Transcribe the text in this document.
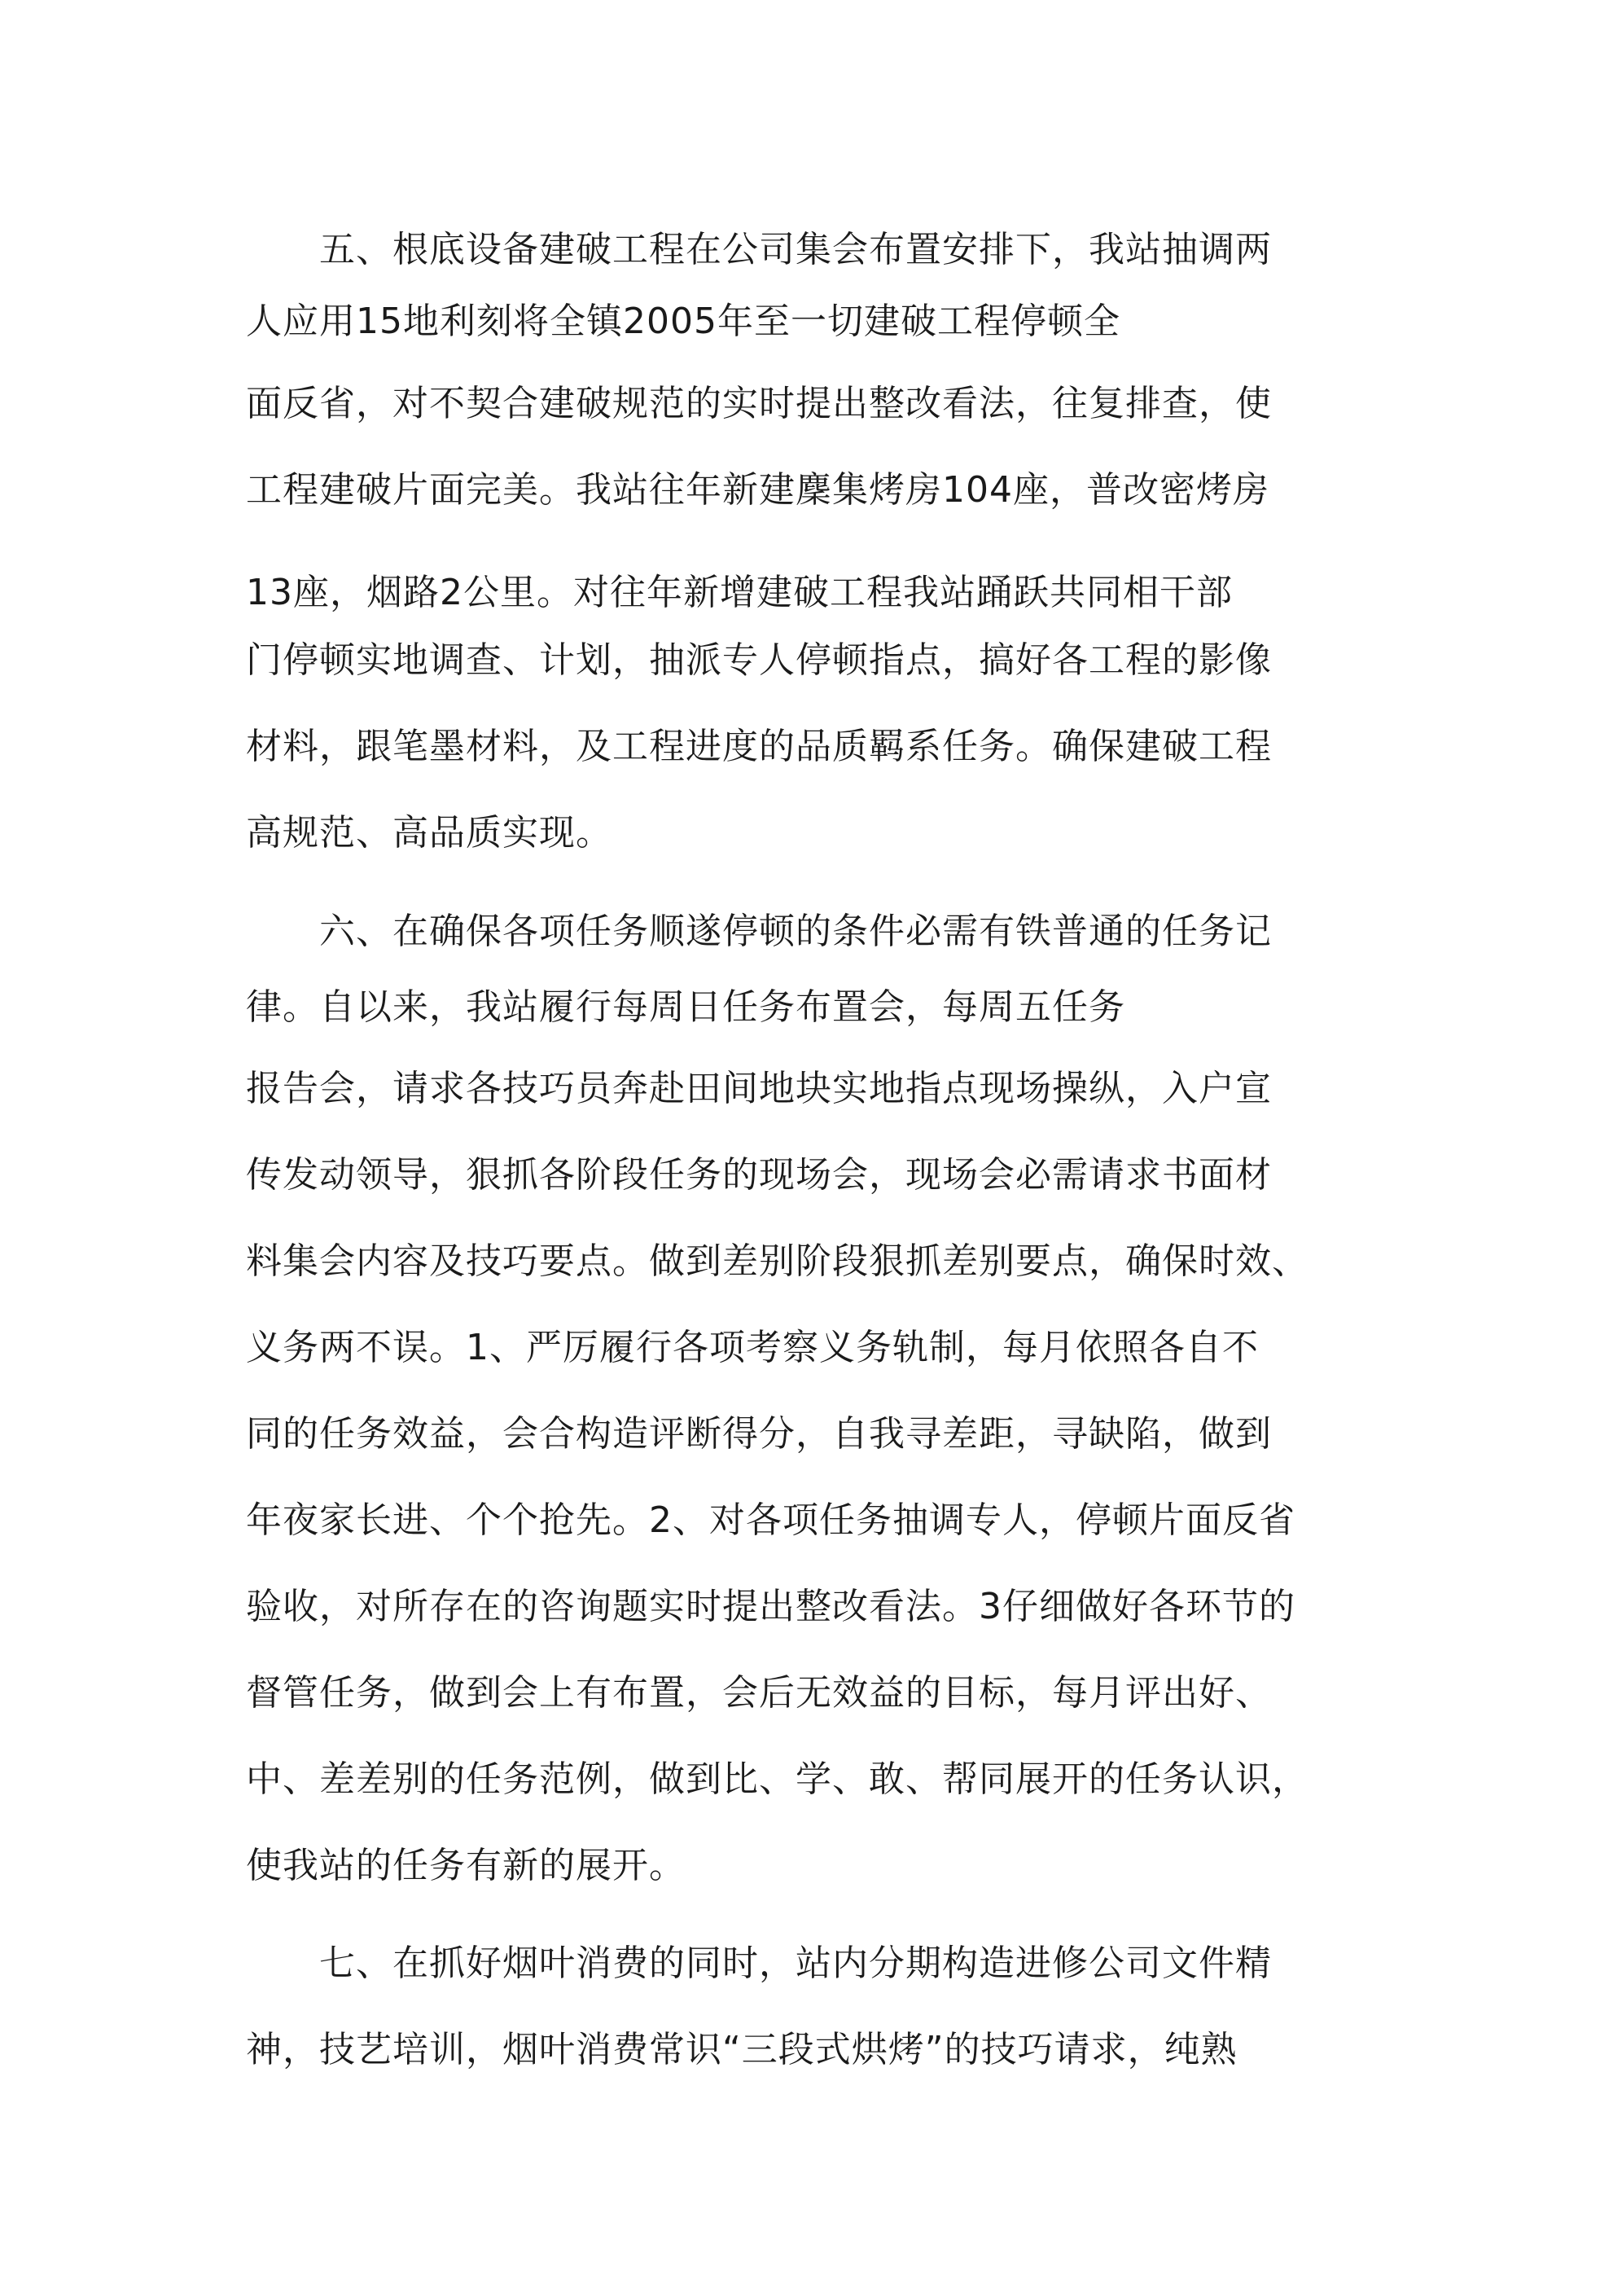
五、根底设备建破工程在公司集会布置安排下，我站抽调两

人应用15地利刻将全镇2005年至一切建破工程停顿全

面反省，对不契合建破规范的实时提出整改看法，往复排查，使

工程建破片面完美。我站往年新建麇集烤房104座，普改密烤房

13座，烟路2公里。对往年新增建破工程我站踊跃共同相干部

门停顿实地调查、计划，抽派专人停顿指点，搞好各工程的影像

材料，跟笔墨材料，及工程进度的品质羁系任务。确保建破工程

高规范、高品质实现。

六、在确保各项任务顺遂停顿的条件必需有铁普通的任务记

律。自以来，我站履行每周日任务布置会，每周五任务

报告会，请求各技巧员奔赴田间地块实地指点现场操纵，入户宣

传发动领导，狠抓各阶段任务的现场会，现场会必需请求书面材

料集会内容及技巧要点。做到差别阶段狠抓差别要点，确保时效、

义务两不误。1、严厉履行各项考察义务轨制，每月依照各自不

同的任务效益，会合构造评断得分，自我寻差距，寻缺陷，做到

年夜家长进、个个抢先。2、对各项任务抽调专人，停顿片面反省

验收，对所存在的咨询题实时提出整改看法。3仔细做好各环节的

督管任务，做到会上有布置，会后无效益的目标，每月评出好、

中、差差别的任务范例，做到比、学、敢、帮同展开的任务认识，

使我站的任务有新的展开。

七、在抓好烟叶消费的同时，站内分期构造进修公司文件精

神，技艺培训，烟叶消费常识“三段式烘烤”的技巧请求，纯熟
